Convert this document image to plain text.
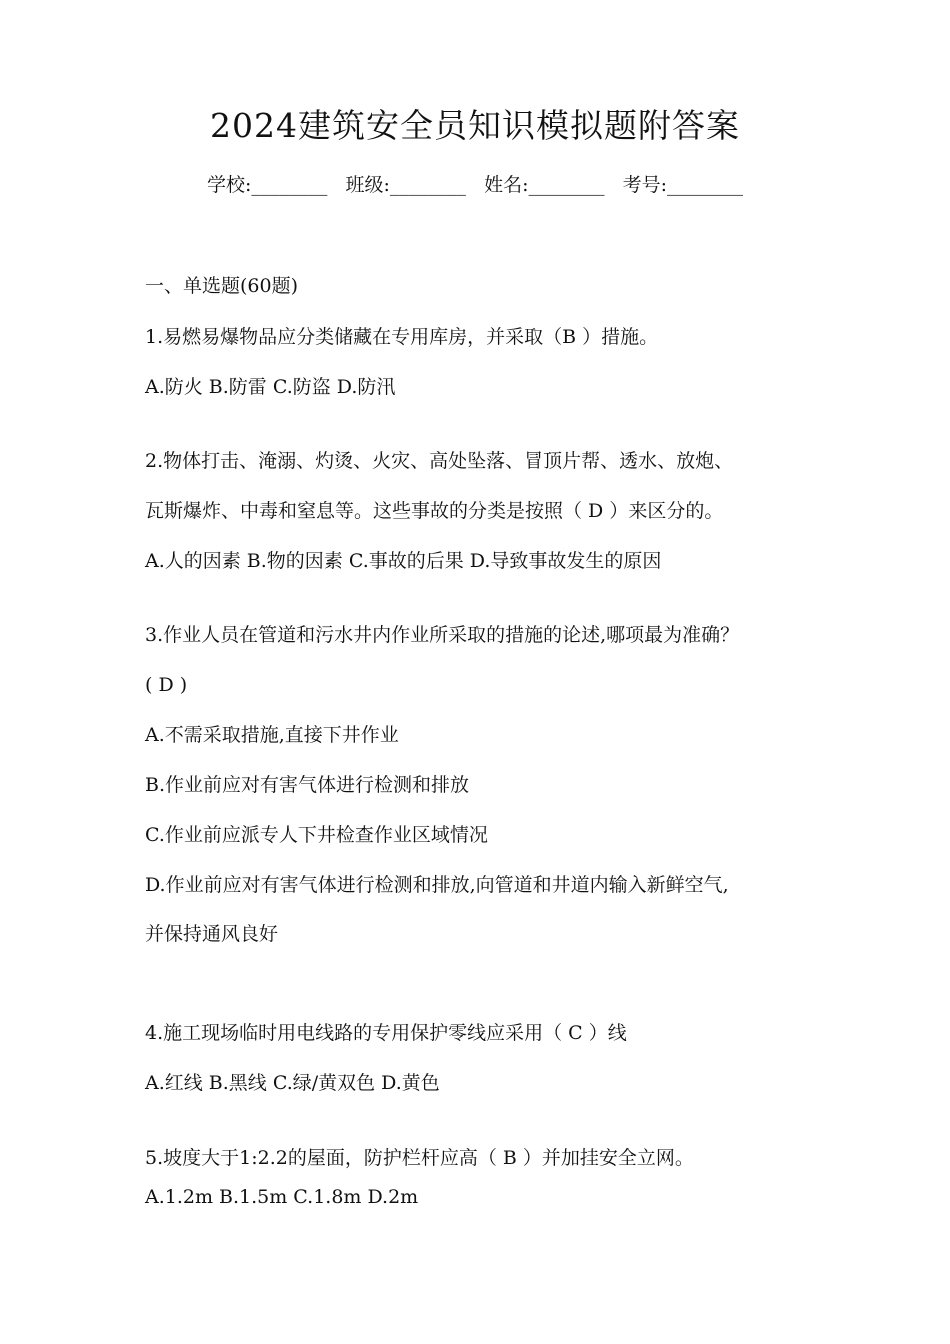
2024建筑安全员知识模拟题附答案
学校:________ 班级:________ 姓名:________ 考号:________
一、单选题(60题)
1.易燃易爆物品应分类储藏在专用库房，并采取（B ）措施。
A.防火 B.防雷 C.防盗 D.防汛
2.物体打击、淹溺、灼烫、火灾、高处坠落、冒顶片帮、透水、放炮、
瓦斯爆炸、中毒和窒息等。这些事故的分类是按照（ D ）来区分的。
A.人的因素 B.物的因素 C.事故的后果 D.导致事故发生的原因
3.作业人员在管道和污水井内作业所采取的措施的论述,哪项最为准确？
( D )
A.不需采取措施,直接下井作业
B.作业前应对有害气体进行检测和排放
C.作业前应派专人下井检查作业区域情况
D.作业前应对有害气体进行检测和排放,向管道和井道内输入新鲜空气,
并保持通风良好
4.施工现场临时用电线路的专用保护零线应采用（ C ）线
A.红线 B.黑线 C.绿/黄双色 D.黄色
5.坡度大于1:2.2的屋面，防护栏杆应高（ B ）并加挂安全立网。
A.1.2m B.1.5m C.1.8m D.2m
